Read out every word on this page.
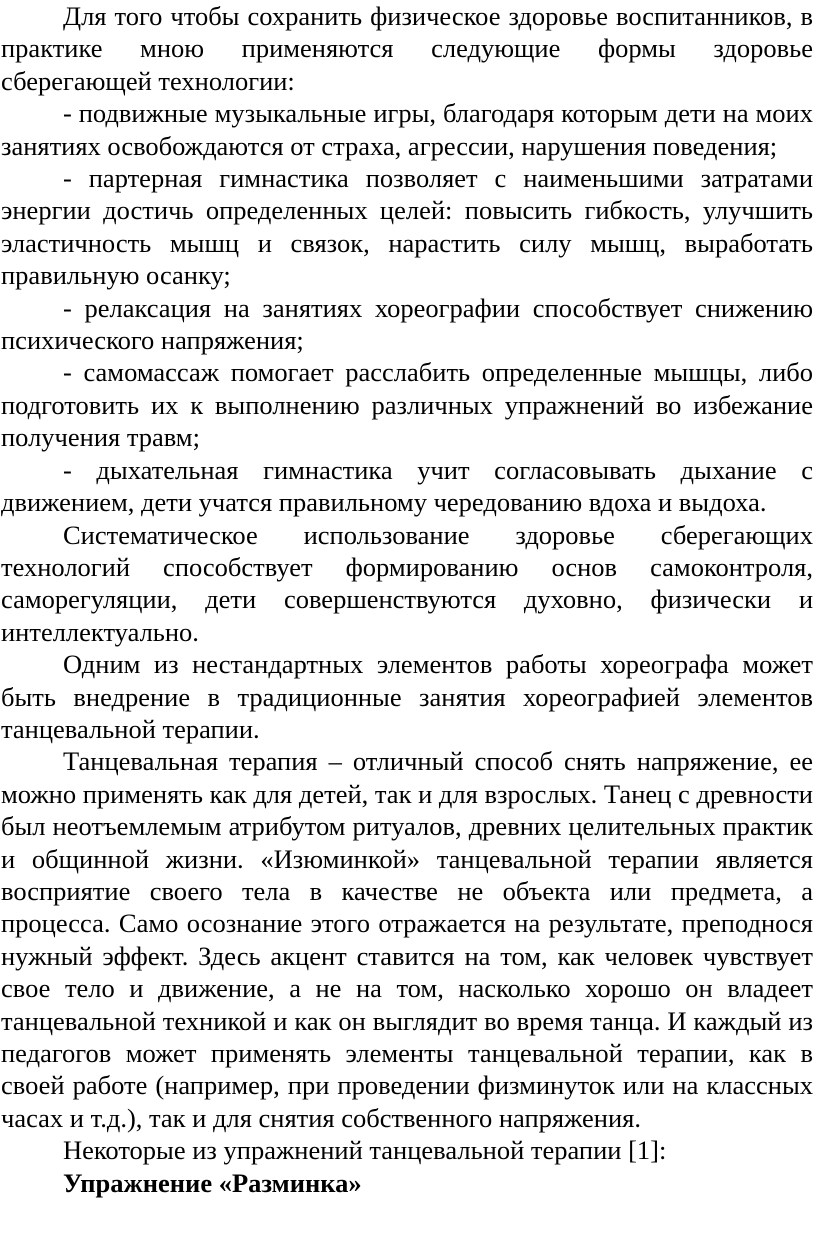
Для того чтобы сохранить физическое здоровье воспитанников, в практике мною применяются следующие формы здоровье сберегающей технологии:

- подвижные музыкальные игры, благодаря которым дети на моих занятиях освобождаются от страха, агрессии, нарушения поведения;

- партерная гимнастика позволяет с наименьшими затратами энергии достичь определенных целей: повысить гибкость, улучшить эластичность мышц и связок, нарастить силу мышц, выработать правильную осанку;

- релаксация на занятиях хореографии способствует снижению психического напряжения;

- самомассаж помогает расслабить определенные мышцы, либо подготовить их к выполнению различных упражнений во избежание получения травм;

- дыхательная гимнастика учит согласовывать дыхание с движением, дети учатся правильному чередованию вдоха и выдоха.

Систематическое использование здоровье сберегающих технологий способствует формированию основ самоконтроля, саморегуляции, дети совершенствуются духовно, физически и интеллектуально.

Одним из нестандартных элементов работы хореографа может быть внедрение в традиционные занятия хореографией элементов танцевальной терапии.

Танцевальная терапия – отличный способ снять напряжение, ее можно применять как для детей, так и для взрослых. Танец с древности был неотъемлемым атрибутом ритуалов, древних целительных практик и общинной жизни. «Изюминкой» танцевальной терапии является восприятие своего тела в качестве не объекта или предмета, а процесса. Само осознание этого отражается на результате, преподнося нужный эффект. Здесь акцент ставится на том, как человек чувствует свое тело и движение, а не на том, насколько хорошо он владеет танцевальной техникой и как он выглядит во время танца. И каждый из педагогов может применять элементы танцевальной терапии, как в своей работе (например, при проведении физминуток или на классных часах и т.д.), так и для снятия собственного напряжения.

Некоторые из упражнений танцевальной терапии [1]:

Упражнение «Разминка»
